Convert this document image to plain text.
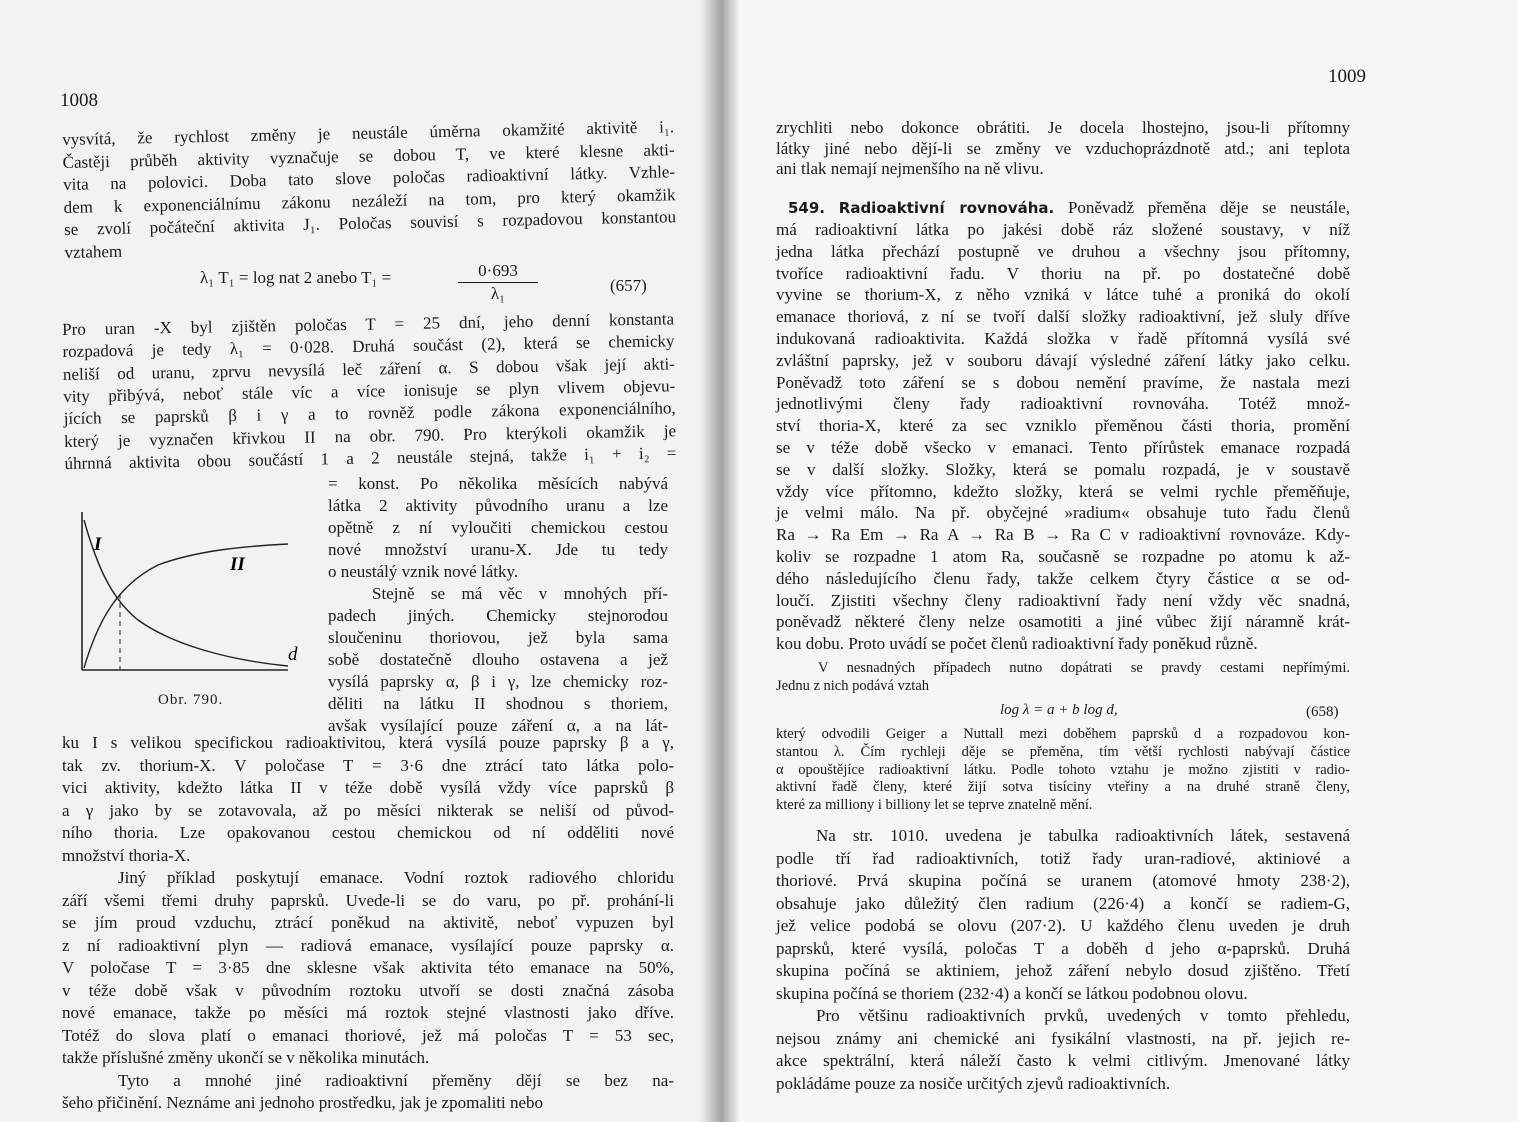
1008
vysvítá, že rychlost změny je neustále úměrna okamžité aktivitě i₁.
Častěji průběh aktivity vyznačuje se dobou T, ve které klesne akti-
vita na polovici. Doba tato slove poločas radioaktivní látky. Vzhle-
dem k exponenciálnímu zákonu nezáleží na tom, pro který okamžik
se zvolí počáteční aktivita J₁. Poločas souvisí s rozpadovou konstantou
vztahem
λ₁ T₁ = log nat 2 anebo T₁ =	$\frac{0\cdot 693}{\text{λ₁}}$	(657)
Pro uran -X byl zjištěn poločas T = 25 dní, jeho denní konstanta
rozpadová je tedy λ₁ = 0·028. Druhá součást (2), která se chemicky
neliší od uranu, zprvu nevysílá leč záření α. S dobou však její akti-
vity přibývá, neboť stále víc a více ionisuje se plyn vlivem objevu-
jících se paprsků β i γ a to rovněž podle zákona exponenciálního,
který je vyznačen křivkou II na obr. 790. Pro kterýkoli okamžik je
úhrnná aktivita obou součástí 1 a 2 neustále stejná, takže i₁ + i₂ =
= konst. Po několika měsících nabývá
látka 2 aktivity původního uranu a lze
opětně z ní vyloučiti chemickou cestou
nové množství uranu-X. Jde tu tedy
o neustálý vznik nové látky.
Stejně se má věc v mnohých pří-
padech jiných. Chemicky stejnorodou
sloučeninu thoriovou, jež byla sama
sobě dostatečně dlouho ostavena a jež
vysílá paprsky α, β i γ, lze chemicky roz-
děliti na látku II shodnou s thoriem,
avšak vysílající pouze záření α, a na lát-
I
II
d
Obr. 790.
ku I s velikou specifickou radioaktivitou, která vysílá pouze paprsky β a γ,
tak zv. thorium-X. V poločase T = 3·6 dne ztrácí tato látka polo-
vici aktivity, kdežto látka II v téže době vysílá vždy více paprsků β
a γ jako by se zotavovala, až po měsíci nikterak se neliší od původ-
ního thoria. Lze opakovanou cestou chemickou od ní odděliti nové
množství thoria-X.
Jiný příklad poskytují emanace. Vodní roztok radiového chloridu
září všemi třemi druhy paprsků. Uvede-li se do varu, po př. prohání-li
se jím proud vzduchu, ztrácí poněkud na aktivitě, neboť vypuzen byl
z ní radioaktivní plyn — radiová emanace, vysílající pouze paprsky α.
V poločase T = 3·85 dne sklesne však aktivita této emanace na 50%,
v téže době však v původním roztoku utvoří se dosti značná zásoba
nové emanace, takže po měsíci má roztok stejné vlastnosti jako dříve.
Totéž do slova platí o emanaci thoriové, jež má poločas T = 53 sec,
takže příslušné změny ukončí se v několika minutách.
Tyto a mnohé jiné radioaktivní přeměny dějí se bez na-
šeho přičinění. Neznáme ani jednoho prostředku, jak je zpomaliti nebo
1009
zrychliti nebo dokonce obrátiti. Je docela lhostejno, jsou-li přítomny
látky jiné nebo dějí-li se změny ve vzduchoprázdnotě atd.; ani teplota
ani tlak nemají nejmenšího na ně vlivu.
549. Radioaktivní rovnováha. Poněvadž přeměna děje se neustále,
má radioaktivní látka po jakési době ráz složené soustavy, v níž
jedna látka přechází postupně ve druhou a všechny jsou přítomny,
tvoříce radioaktivní řadu. V thoriu na př. po dostatečné době
vyvine se thorium-X, z něho vzniká v látce tuhé a proniká do okolí
emanace thoriová, z ní se tvoří další složky radioaktivní, jež sluly dříve
indukovaná radioaktivita. Každá složka v řadě přítomná vysílá své
zvláštní paprsky, jež v souboru dávají výsledné záření látky jako celku.
Poněvadž toto záření se s dobou nemění pravíme, že nastala mezi
jednotlivými členy řady radioaktivní rovnováha. Totéž množ-
ství thoria-X, které za sec vzniklo přeměnou části thoria, promění
se v téže době všecko v emanaci. Tento přírůstek emanace rozpadá
se v další složky. Složky, která se pomalu rozpadá, je v soustavě
vždy více přítomno, kdežto složky, která se velmi rychle přeměňuje,
je velmi málo. Na př. obyčejné »radium« obsahuje tuto řadu členů
Ra → Ra Em → Ra A → Ra B → Ra C v radioaktivní rovnováze. Kdy-
koliv se rozpadne 1 atom Ra, současně se rozpadne po atomu k až-
dého následujícího členu řady, takže celkem čtyry částice α se od-
loučí. Zjistiti všechny členy radioaktivní řady není vždy věc snadná,
poněvadž některé členy nelze osamotiti a jiné vůbec žijí náramně krát-
kou dobu. Proto uvádí se počet členů radioaktivní řady poněkud různě.
V nesnadných případech nutno dopátrati se pravdy cestami nepřímými.
Jednu z nich podává vztah
log λ = a + b log d,	(658)
který odvodili Geiger a Nuttall mezi doběhem paprsků d a rozpadovou kon-
stantou λ. Čím rychleji děje se přeměna, tím větší rychlosti nabývají částice
α opouštějíce radioaktivní látku. Podle tohoto vztahu je možno zjistiti v radio-
aktivní řadě členy, které žijí sotva tisíciny vteřiny a na druhé straně členy,
které za milliony i billiony let se teprve znatelně mění.
Na str. 1010. uvedena je tabulka radioaktivních látek, sestavená
podle tří řad radioaktivních, totiž řady uran-radiové, aktiniové a
thoriové. Prvá skupina počíná se uranem (atomové hmoty 238·2),
obsahuje jako důležitý člen radium (226·4) a končí se radiem-G,
jež velice podobá se olovu (207·2). U každého členu uveden je druh
paprsků, které vysílá, poločas T a doběh d jeho α-paprsků. Druhá
skupina počíná se aktiniem, jehož záření nebylo dosud zjištěno. Třetí
skupina počíná se thoriem (232·4) a končí se látkou podobnou olovu.
Pro většinu radioaktivních prvků, uvedených v tomto přehledu,
nejsou známy ani chemické ani fysikální vlastnosti, na př. jejich re-
akce spektrální, která náleží často k velmi citlivým. Jmenované látky
pokládáme pouze za nosiče určitých zjevů radioaktivních.
